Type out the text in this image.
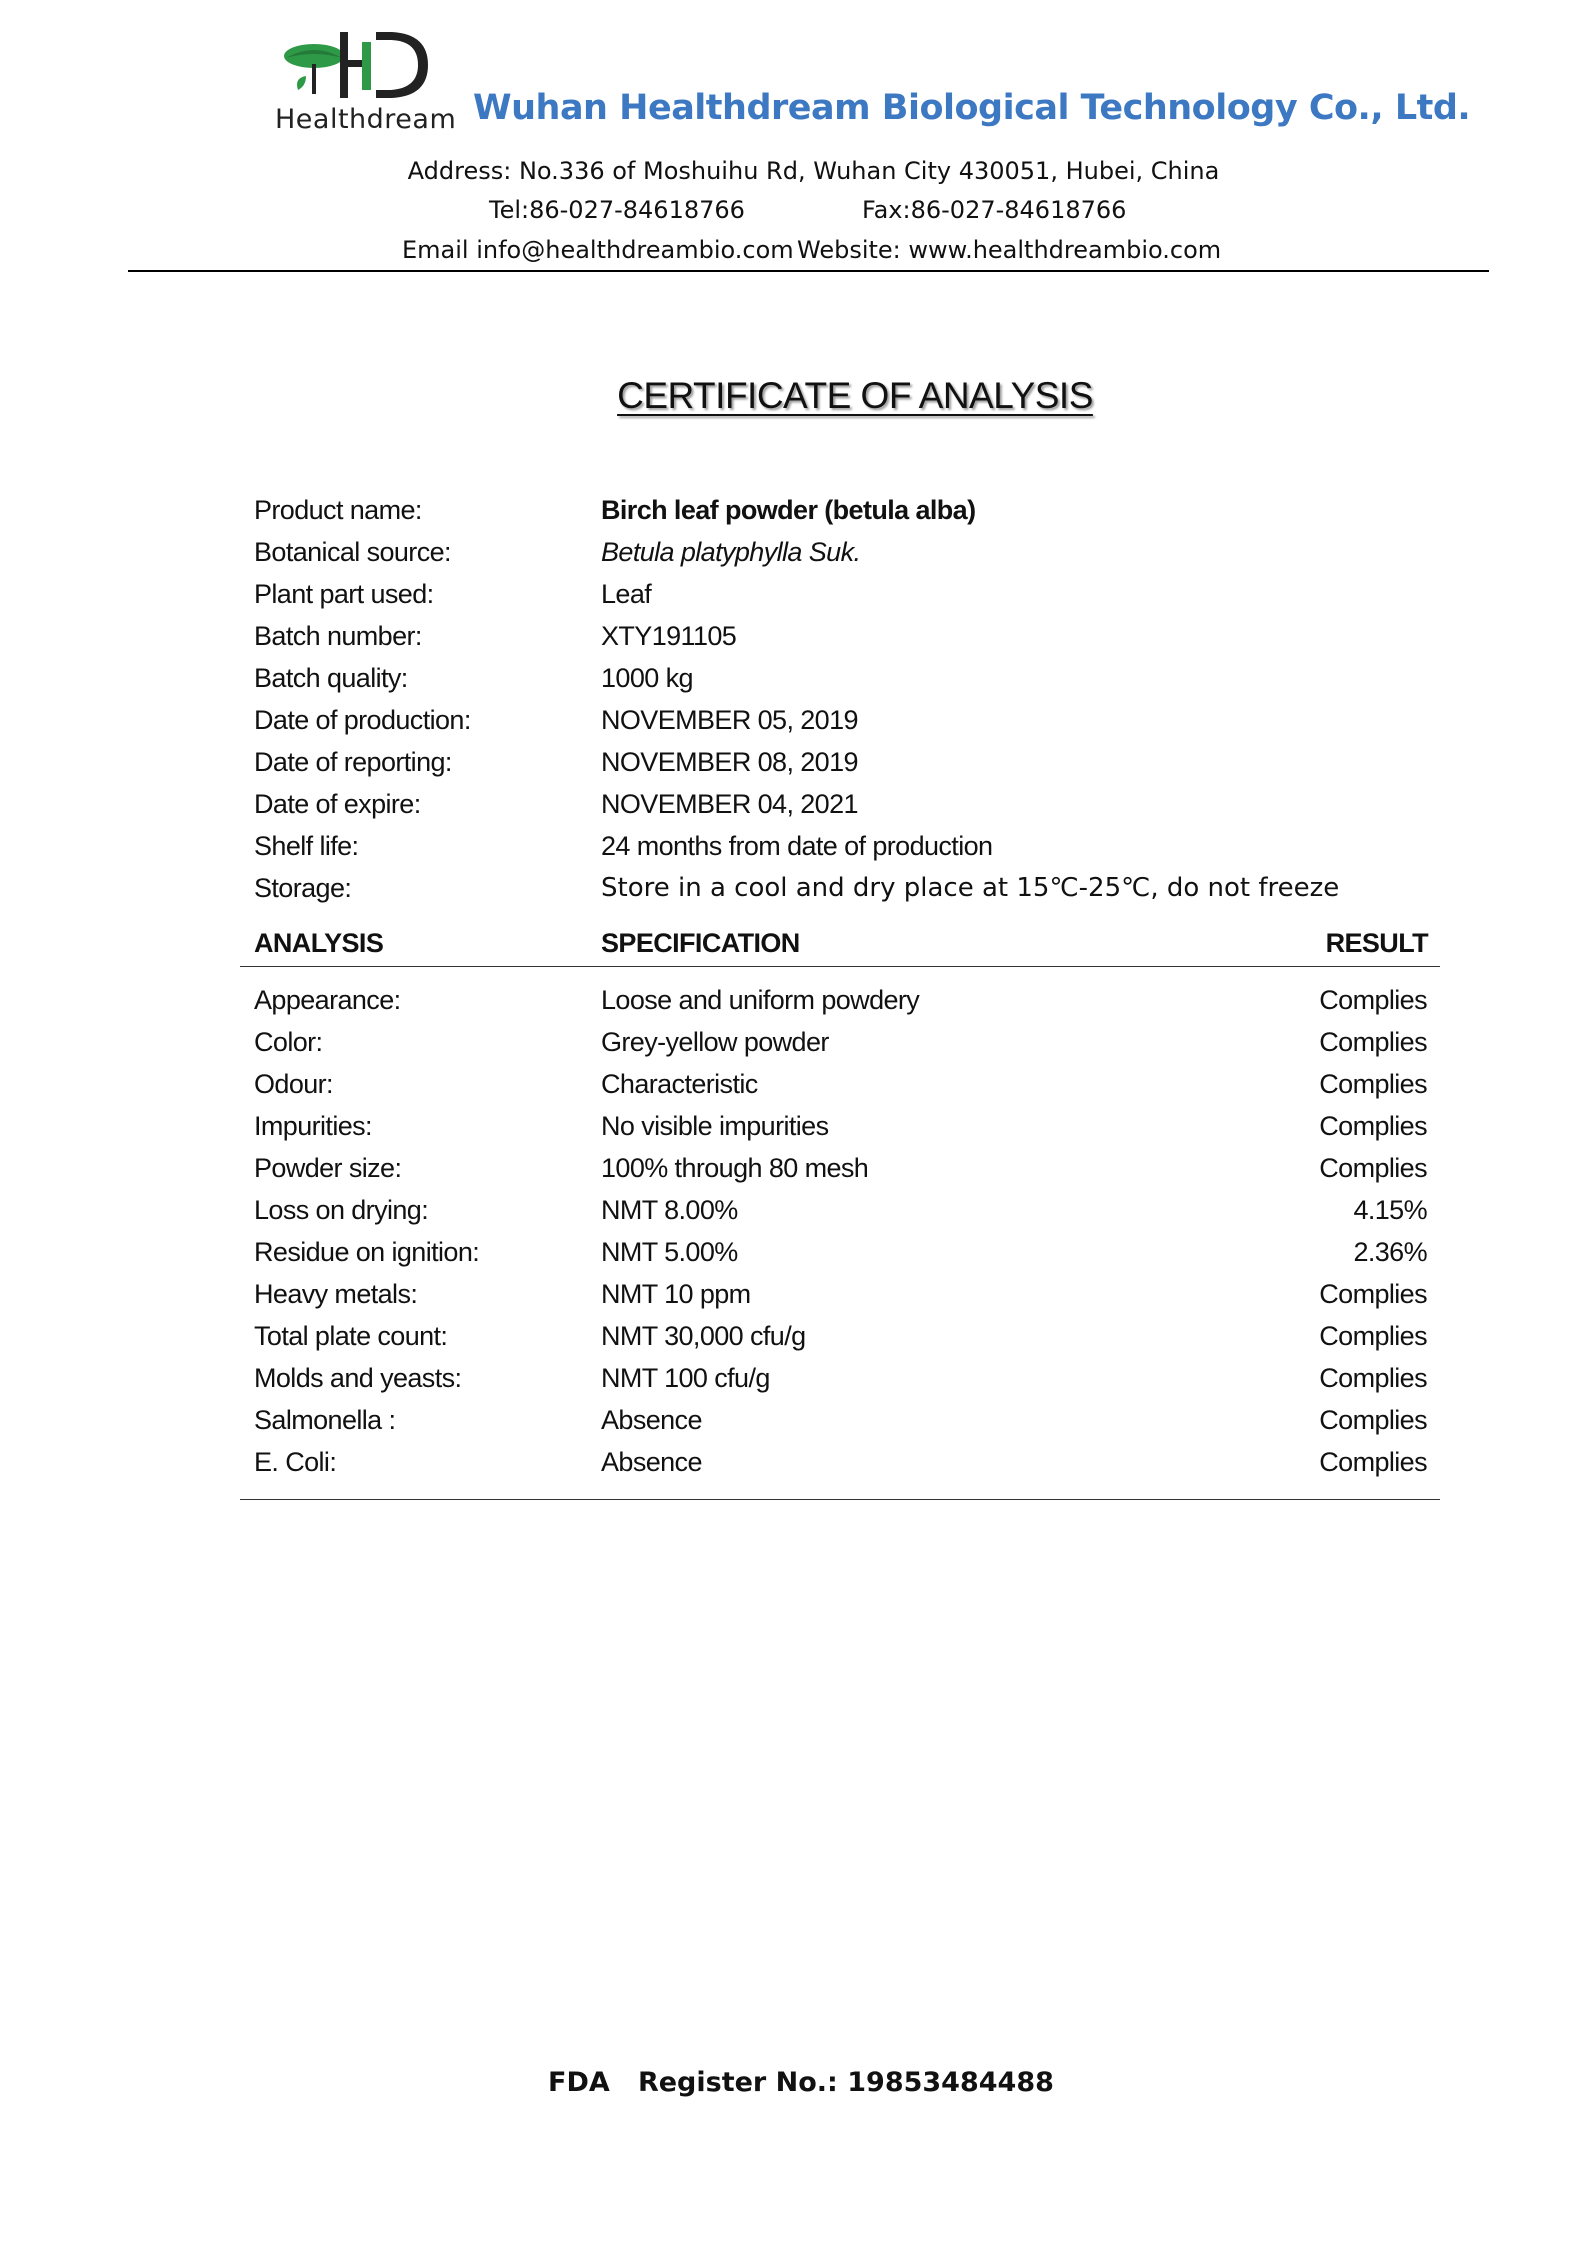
Healthdream Wuhan Healthdream Biological Technology Co., Ltd.
Address: No.336 of Moshuihu Rd, Wuhan City 430051, Hubei, China
Tel:86-027-84618766	Fax:86-027-84618766
Email info@healthdreambio.com Website: www.healthdreambio.com
CERTIFICATE OF ANALYSIS
Product name:	Birch leaf powder (betula alba)
Botanical source:	Betula platyphylla Suk.
Plant part used:	Leaf
Batch number:	XTY191105
Batch quality:	1000 kg
Date of production:	NOVEMBER 05, 2019
Date of reporting:	NOVEMBER 08, 2019
Date of expire:	NOVEMBER 04, 2021
Shelf life:	24 months from date of production
Storage:	Store in a cool and dry place at 15℃-25℃, do not freeze
ANALYSIS	SPECIFICATION	RESULT
Appearance:	Loose and uniform powdery	Complies
Color:	Grey-yellow powder	Complies
Odour:	Characteristic	Complies
Impurities:	No visible impurities	Complies
Powder size:	100% through 80 mesh	Complies
Loss on drying:	NMT 8.00%	4.15%
Residue on ignition:	NMT 5.00%	2.36%
Heavy metals:	NMT 10 ppm	Complies
Total plate count:	NMT 30,000 cfu/g	Complies
Molds and yeasts:	NMT 100 cfu/g	Complies
Salmonella :	Absence	Complies
E. Coli:	Absence	Complies
FDA   Register No.: 19853484488
